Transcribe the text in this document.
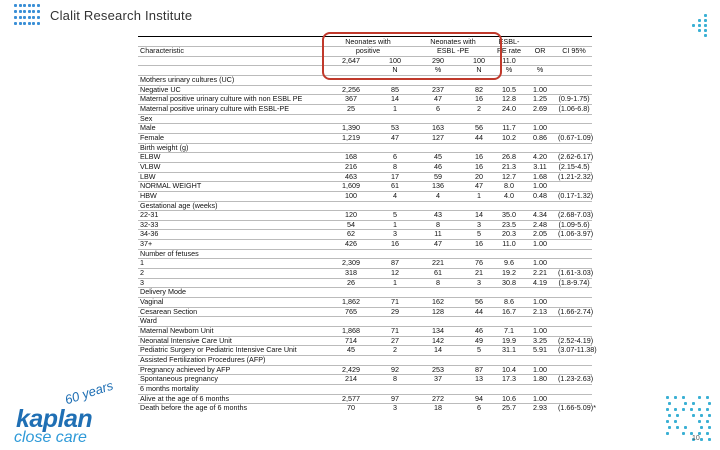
Clalit Research Institute
	Neonates with		Neonates with		ESBL-		
Characteristic	positive		ESBL -PE		PE rate	OR	CI 95%
	2,647	100	290	100	11.0		
		N	%	N	%	%	
Mothers urinary cultures (UC)							
Negative UC	2,256	85	237	82	10.5	1.00	
Maternal positive urinary culture with non ESBL PE	367	14	47	16	12.8	1.25	(0.9-1.75)
Maternal positive urinary culture with ESBL-PE	25	1	6	2	24.0	2.69	(1.06-6.8)
Sex							
Male	1,390	53	163	56	11.7	1.00	
Female	1,219	47	127	44	10.2	0.86	(0.67-1.09)
Birth weight (g)							
ELBW	168	6	45	16	26.8	4.20	(2.62-6.17)
VLBW	216	8	46	16	21.3	3.11	(2.15-4.5)
LBW	463	17	59	20	12.7	1.68	(1.21-2.32)
NORMAL WEIGHT	1,609	61	136	47	8.0	1.00	
HBW	100	4	4	1	4.0	0.48	(0.17-1.32)
Gestational age (weeks)							
22-31	120	5	43	14	35.0	4.34	(2.68-7.03)
32-33	54	1	8	3	23.5	2.48	(1.09-5.6)
34-36	62	3	11	5	20.3	2.05	(1.06-3.97)
37+	426	16	47	16	11.0	1.00	
Number of fetuses							
1	2,309	87	221	76	9.6	1.00	
2	318	12	61	21	19.2	2.21	(1.61-3.03)
3	26	1	8	3	30.8	4.19	(1.8-9.74)
Delivery Mode							
Vaginal	1,862	71	162	56	8.6	1.00	
Cesarean Section	765	29	128	44	16.7	2.13	(1.66-2.74)
Ward							
Maternal Newborn Unit	1,868	71	134	46	7.1	1.00	
Neonatal Intensive Care Unit	714	27	142	49	19.9	3.25	(2.52-4.19)
Pediatric Surgery or Pediatric Intensive Care Unit	45	2	14	5	31.1	5.91	(3.07-11.38)
Assisted Fertilization Procedures (AFP)							
Pregnancy achieved by AFP	2,429	92	253	87	10.4	1.00	
Spontaneous pregnancy	214	8	37	13	17.3	1.80	(1.23-2.63)
6 months mortality							
Alive at the age of 6 months	2,577	97	272	94	10.6	1.00	
Death before the age of 6 months	70	3	18	6	25.7	2.93	(1.66-5.09)*
60 years
kaplan
close care	10
